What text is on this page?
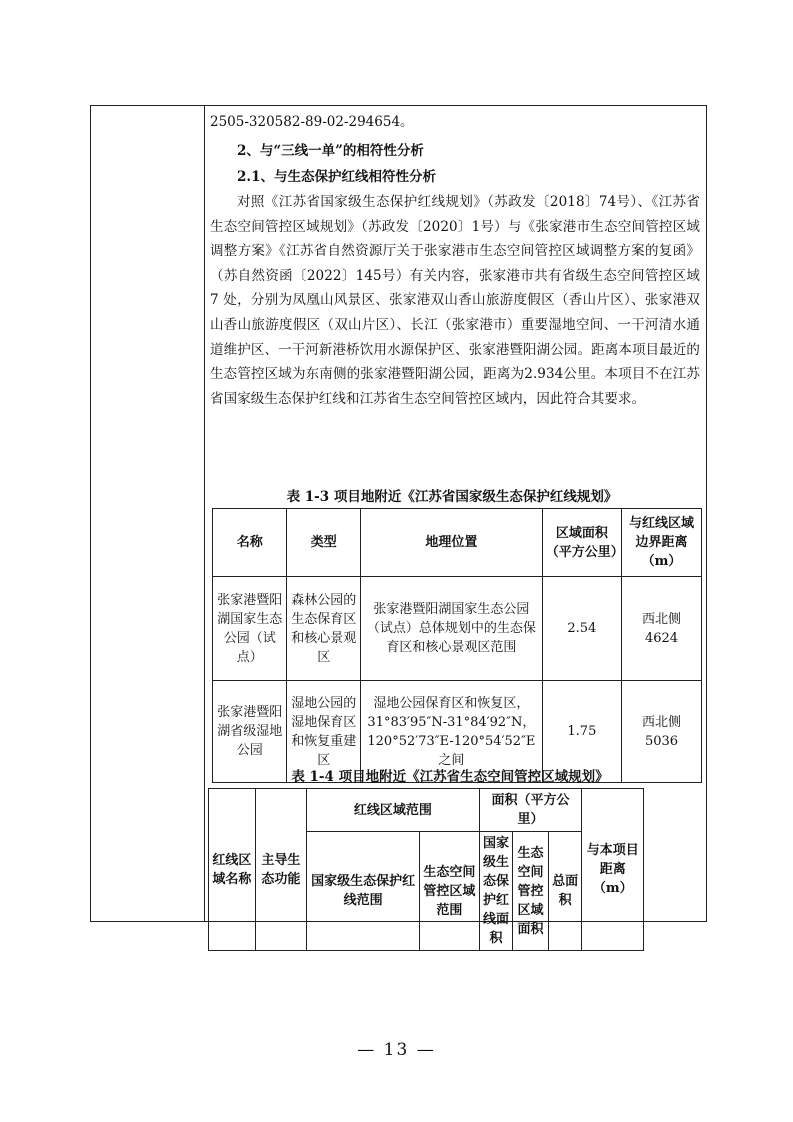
2505-320582-89-02-294654。

2、与“三线一单”的相符性分析

2.1、与生态保护红线相符性分析

对照《江苏省国家级生态保护红线规划》（苏政发〔2018〕74号）、《江苏省生态空间管控区域规划》（苏政发〔2020〕1号）与《张家港市生态空间管控区域调整方案》《江苏省自然资源厅关于张家港市生态空间管控区域调整方案的复函》（苏自然资函〔2022〕145号）有关内容，张家港市共有省级生态空间管控区域 7 处，分别为凤凰山风景区、张家港双山香山旅游度假区（香山片区）、张家港双山香山旅游度假区（双山片区）、长江（张家港市）重要湿地空间、一干河清水通道维护区、一干河新港桥饮用水源保护区、张家港暨阳湖公园。距离本项目最近的生态管控区域为东南侧的张家港暨阳湖公园，距离为2.934公里。本项目不在江苏省国家级生态保护红线和江苏省生态空间管控区域内，因此符合其要求。

表 1-3 项目地附近《江苏省国家级生态保护红线规划》
名称	类型	地理位置	区域面积（平方公里）	与红线区域边界距离（m）
张家港暨阳湖国家生态公园（试点）	森林公园的生态保育区和核心景观区	张家港暨阳湖国家生态公园（试点）总体规划中的生态保育区和核心景观区范围	2.54	西北侧 4624
张家港暨阳湖省级湿地公园	湿地公园的湿地保育区和恢复重建区	湿地公园保育区和恢复区，31°83′95″N-31°84′92″N，120°52′73″E-120°54′52″E 之间	1.75	西北侧 5036
表 1-4 项目地附近《江苏省生态空间管控区域规划》
红线区域名称	主导生态功能	红线区域范围		面积（平方公里）			与本项目距离（m）
		国家级生态保护红线范围	生态空间管控区域范围	国家级生态保护红线面积	生态空间管控区域面积	总面积	
— 13 —
